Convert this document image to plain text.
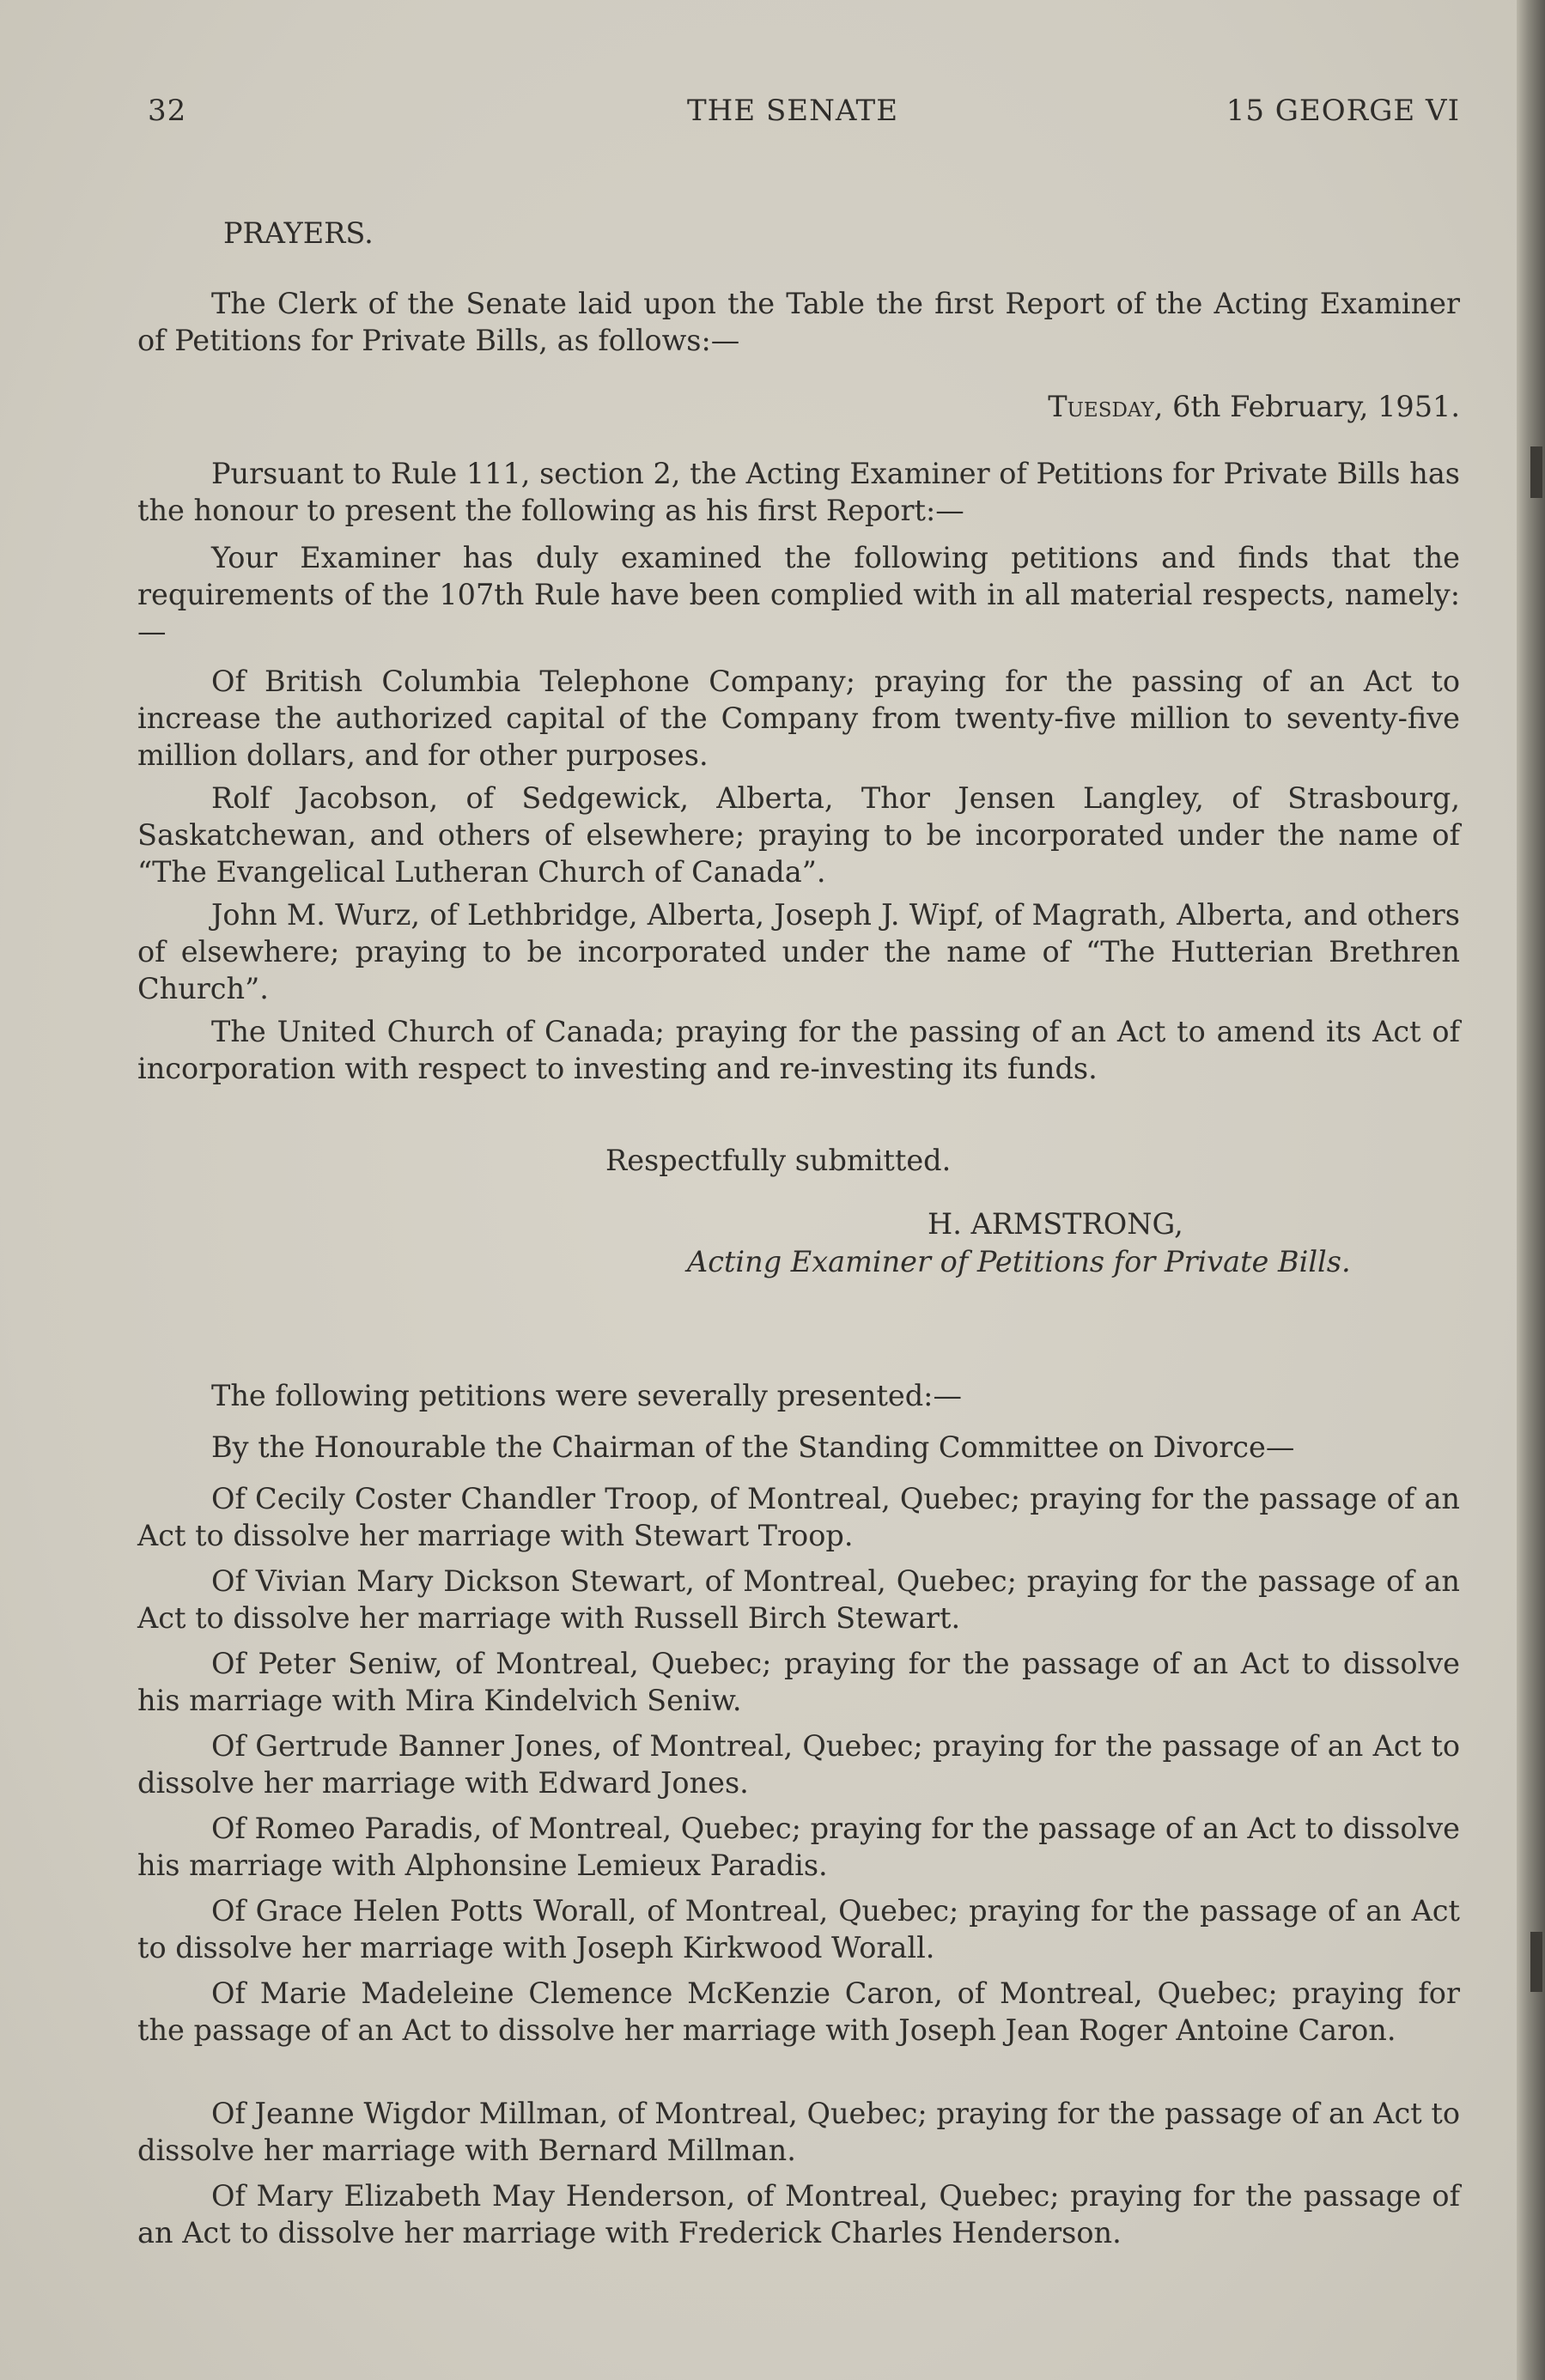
32	THE SENATE	15 GEORGE VI

PRAYERS.

The Clerk of the Senate laid upon the Table the first Report of the Acting Examiner of Petitions for Private Bills, as follows:—

Tuesday, 6th February, 1951.

Pursuant to Rule 111, section 2, the Acting Examiner of Petitions for Private Bills has the honour to present the following as his first Report:—

Your Examiner has duly examined the following petitions and finds that the requirements of the 107th Rule have been complied with in all material respects, namely:—

Of British Columbia Telephone Company; praying for the passing of an Act to increase the authorized capital of the Company from twenty-five million to seventy-five million dollars, and for other purposes.

Rolf Jacobson, of Sedgewick, Alberta, Thor Jensen Langley, of Strasbourg, Saskatchewan, and others of elsewhere; praying to be incorporated under the name of “The Evangelical Lutheran Church of Canada”.

John M. Wurz, of Lethbridge, Alberta, Joseph J. Wipf, of Magrath, Alberta, and others of elsewhere; praying to be incorporated under the name of “The Hutterian Brethren Church”.

The United Church of Canada; praying for the passing of an Act to amend its Act of incorporation with respect to investing and re-investing its funds.

Respectfully submitted.

H. ARMSTRONG,

Acting Examiner of Petitions for Private Bills.

The following petitions were severally presented:—

By the Honourable the Chairman of the Standing Committee on Divorce—

Of Cecily Coster Chandler Troop, of Montreal, Quebec; praying for the passage of an Act to dissolve her marriage with Stewart Troop.

Of Vivian Mary Dickson Stewart, of Montreal, Quebec; praying for the passage of an Act to dissolve her marriage with Russell Birch Stewart.

Of Peter Seniw, of Montreal, Quebec; praying for the passage of an Act to dissolve his marriage with Mira Kindelvich Seniw.

Of Gertrude Banner Jones, of Montreal, Quebec; praying for the passage of an Act to dissolve her marriage with Edward Jones.

Of Romeo Paradis, of Montreal, Quebec; praying for the passage of an Act to dissolve his marriage with Alphonsine Lemieux Paradis.

Of Grace Helen Potts Worall, of Montreal, Quebec; praying for the passage of an Act to dissolve her marriage with Joseph Kirkwood Worall.

Of Marie Madeleine Clemence McKenzie Caron, of Montreal, Quebec; praying for the passage of an Act to dissolve her marriage with Joseph Jean Roger Antoine Caron.

Of Jeanne Wigdor Millman, of Montreal, Quebec; praying for the passage of an Act to dissolve her marriage with Bernard Millman.

Of Mary Elizabeth May Henderson, of Montreal, Quebec; praying for the passage of an Act to dissolve her marriage with Frederick Charles Henderson.
